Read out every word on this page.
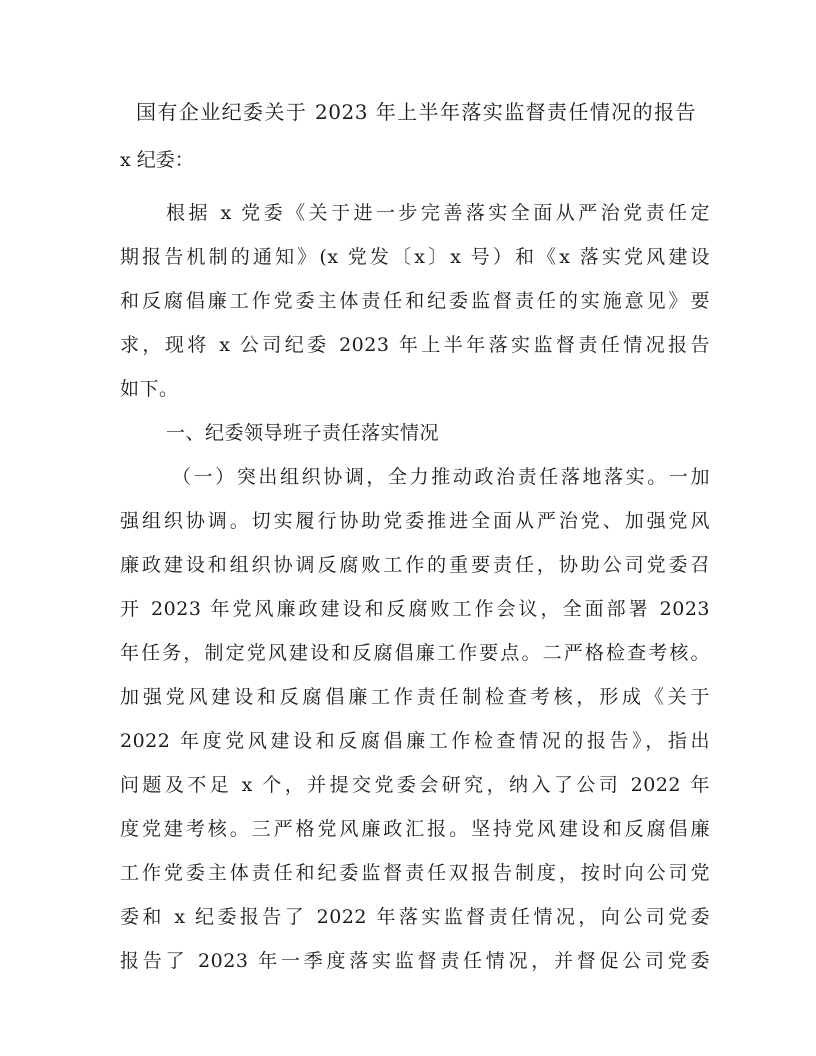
国有企业纪委关于 2023 年上半年落实监督责任情况的报告
x 纪委：
根据 x 党委《关于进一步完善落实全面从严治党责任定
期报告机制的通知》(x 党发〔x〕x 号）和《x 落实党风建设
和反腐倡廉工作党委主体责任和纪委监督责任的实施意见》要
求，现将 x 公司纪委 2023 年上半年落实监督责任情况报告
如下。
一、纪委领导班子责任落实情况
（一）突出组织协调，全力推动政治责任落地落实。一加
强组织协调。切实履行协助党委推进全面从严治党、加强党风
廉政建设和组织协调反腐败工作的重要责任，协助公司党委召
开 2023 年党风廉政建设和反腐败工作会议，全面部署 2023
年任务，制定党风建设和反腐倡廉工作要点。二严格检查考核。
加强党风建设和反腐倡廉工作责任制检查考核，形成《关于
2022 年度党风建设和反腐倡廉工作检查情况的报告》，指出
问题及不足 x 个，并提交党委会研究，纳入了公司 2022 年
度党建考核。三严格党风廉政汇报。坚持党风建设和反腐倡廉
工作党委主体责任和纪委监督责任双报告制度，按时向公司党
委和 x 纪委报告了 2022 年落实监督责任情况，向公司党委
报告了 2023 年一季度落实监督责任情况，并督促公司党委
